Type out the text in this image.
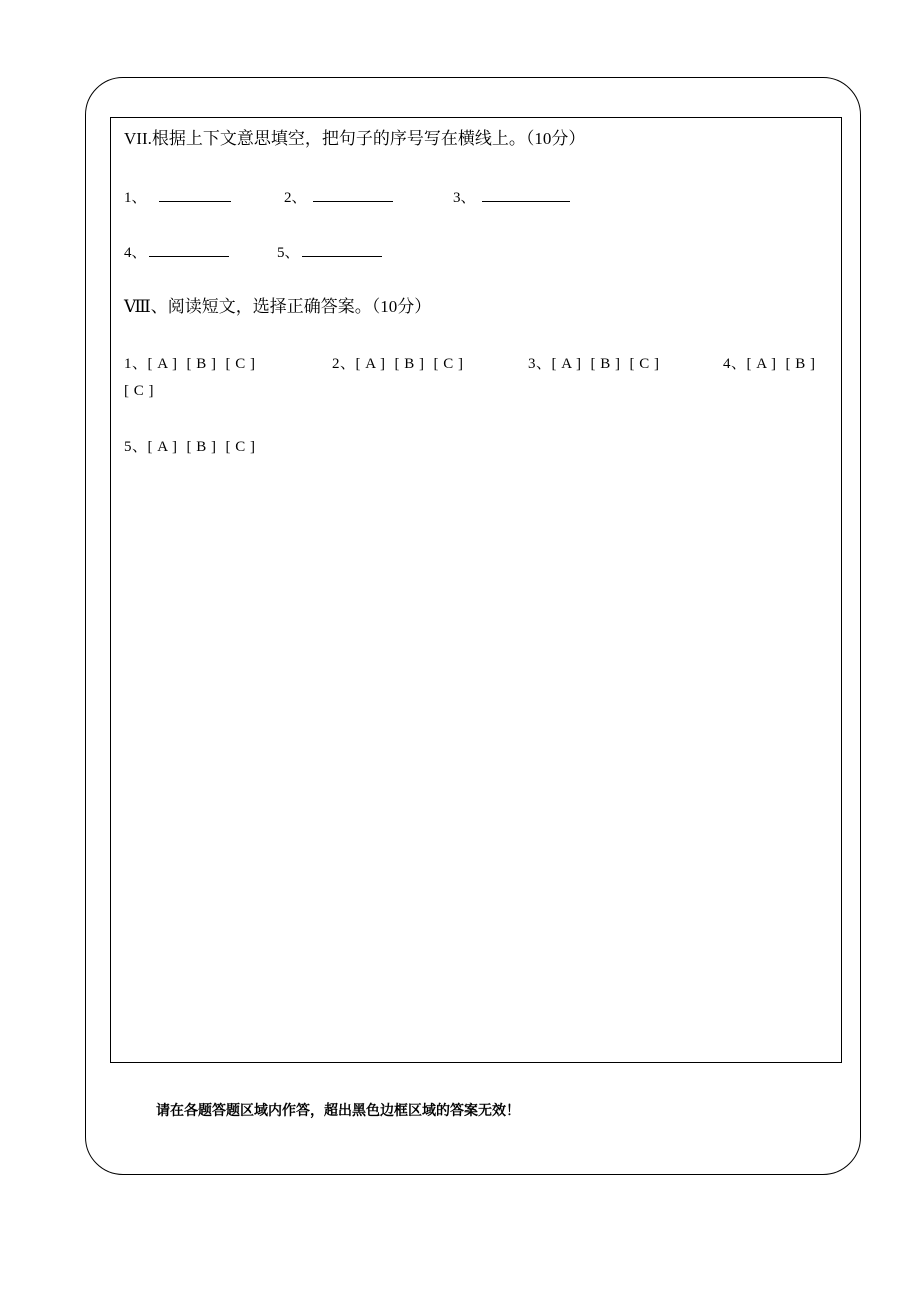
VII.根据上下文意思填空，把句子的序号写在横线上。（10分）
1、	2、	3、
4、	5、
Ⅷ、阅读短文，选择正确答案。（10分）
1、[ A ] [ B ] [ C ]	2、[ A ] [ B ] [ C ]	3、[ A ] [ B ] [ C ]	4、[ A ] [ B ]
[ C ]
5、[ A ] [ B ] [ C ]
请在各题答题区域内作答，超出黑色边框区域的答案无效！
